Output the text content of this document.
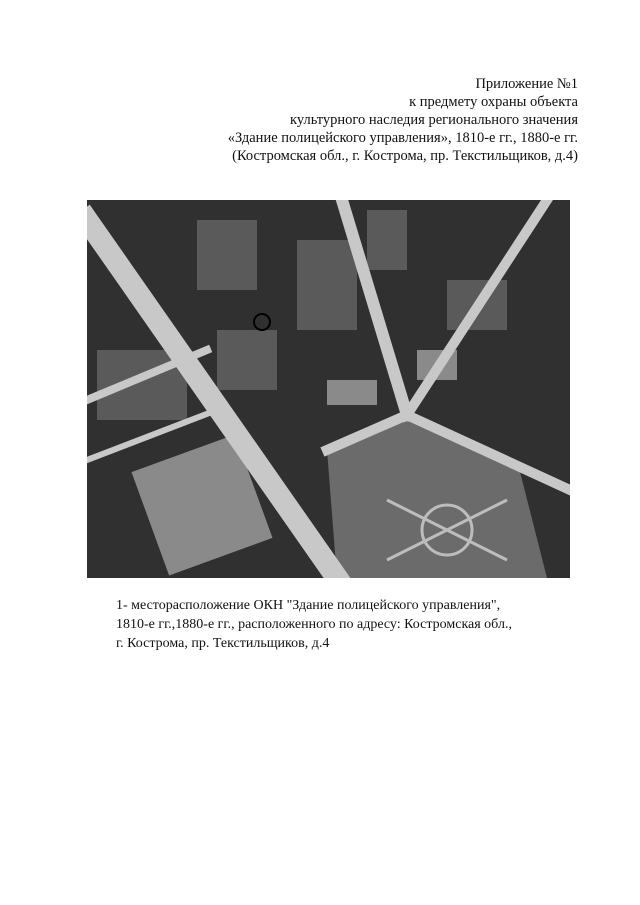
Приложение №1
к предмету охраны объекта
культурного наследия регионального значения
«Здание полицейского управления», 1810-е гг., 1880-е гг.
(Костромская обл., г. Кострома, пр. Текстильщиков, д.4)
1- месторасположение ОКН "Здание полицейского управления",
1810-е гг.,1880-е гг., расположенного по адресу: Костромская обл.,
г. Кострома, пр. Текстильщиков, д.4
